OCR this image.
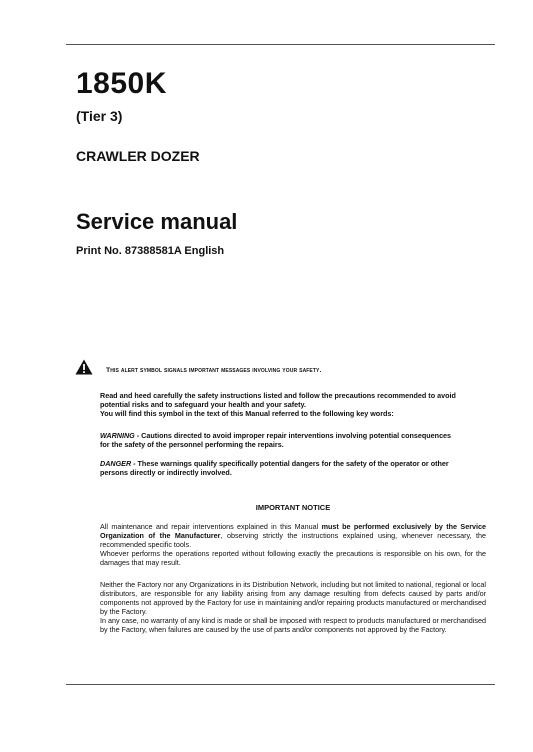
1850K
(Tier 3)
CRAWLER DOZER
Service manual
Print No. 87388581A English
This alert symbol signals important messages involving your safety.

Read and heed carefully the safety instructions listed and follow the precautions recommended to avoid
potential risks and to safeguard your health and your safety.
You will find this symbol in the text of this Manual referred to the following key words:

WARNING - Cautions directed to avoid improper repair interventions involving potential consequences
for the safety of the personnel performing the repairs.

DANGER - These warnings qualify specifically potential dangers for the safety of the operator or other
persons directly or indirectly involved.

IMPORTANT NOTICE

All maintenance and repair interventions explained in this Manual must be performed exclusively by the Service Organization of the Manufacturer, observing strictly the instructions explained using, whenever necessary, the recommended specific tools.
Whoever performs the operations reported without following exactly the precautions is responsible on his own, for the damages that may result.

Neither the Factory nor any Organizations in its Distribution Network, including but not limited to national, regional or local distributors, are responsible for any liability arising from any damage resulting from defects caused by parts and/or components not approved by the Factory for use in maintaining and/or repairing products manufactured or merchandised by the Factory.
In any case, no warranty of any kind is made or shall be imposed with respect to products manufactured or merchandised by the Factory, when failures are caused by the use of parts and/or components not approved by the Factory.
